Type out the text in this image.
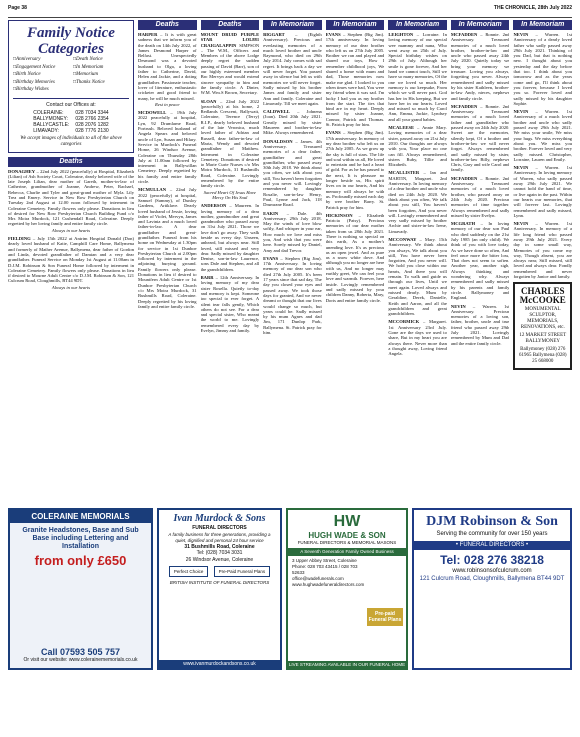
Page 38	THE CHRONICLE, 28th July 2022
Family Notice Categories
□ Anniversary	□ Death Notice
□ Engagement Notice	□ In Memoriam
□ Birth Notice	□ Memorium
□ Birthday Memories	□ Thanks Notice
□ Birthday Wishes
Contact our Offices at:
COLERAINE:	028 7034 3344
BALLYMONEY:	028 2766 2354
BALLYCASTLE:	028 2076 1282
LIMAVADY:	028 7776 2130
We accept images of individuals to all of the above categories
Deaths
DONAGHEY – 22nd July 2022 (peacefully) at Hospital, Elizabeth (Lilian) of Ash Society Court, Coleraine, dearly beloved wife of the late Joseph Lilian, dear mother of Gareth, mother-in-law of Catherine, grandmother of Joanne, Andrew, Peter, Rachael, Rebecca, Charlie and Tyler and great-grand mother of Myla. Lily Trea and Emery. Service in New Row Presbyterian Church on Tuesday 2nd August at 12.00 noon followed by interment in Coleraine Cemetery. Family flowers only please. Donations in lieu of desired for New Row Presbyterian Church Building Fund c/o Mrs Moira Murdock, 121 Cushendall Road, Coleraine. Deeply regretted by her loving family and entire family circle.
Always in our hearts
FIELDING – July 15th 2022 at Antrim Hospital Donald (Don) dearly loved husband of Katie, Camphill Care Home, Ballymena and formerly of Mather Avenue, Ballymena, dear father of Gordon and Linda, devoted grandfather of Damian and a very dear grandfather. Funeral Service on Monday 1st August at 11.00am in D.J.M. Robinson & Son Funeral Home followed by interment in Coleraine Cemetery. Family flowers only please. Donations in lieu if desired to Mourne Adult Centre c/o D.J.M. Robinson & Son, 121 Culcrum Road, Cloughmills, BT44 9DT.
Always in our hearts
Deaths
HARPER – It is with great sadness that we inform you of the death on 14th July 2022, of James Desmond Harper of Belfast. Unexpectedly Desmond was a devoted husband to Olga, a loving father to Catherine, David, Helen and Jackie, and a doting grandfather. Passionate teacher, lover of literature, enthusiastic cricketer and good friend to many, he will be much missed.
Rest in peace
MCDOWELL – 19th July 2022 peacefully at hospital, Lyn, 92 Drumlarne Road, Portrush. Beloved husband of Angela Spears and beloved uncle of Lyn, Susan and Hilary. Service in Murdock's Funeral Home, 26 Windsor Avenue, Coleraine on Thursday 28th July at 11.00am followed by interment in Ballywillan Cemetery. Deeply regretted by his family and entire family circle.
MCMULLAN – 22nd July 2022 (peacefully) at hospital, Samuel (Sammy), of Dunloy Gardens, Artiklave. Dearly loved husband of Jessie, loving father of Violet, Mervyn, James and Lavinia and a much loved father-in-law. A dear grandfather and great-grandfather. Funeral from his home on Wednesday at 1.30pm for service in 1st Dunboe Presbyterian Church at 2.00pm followed by interment in the adjoining burying ground. Family flowers only please. Donations in lieu if desired to Mountfern Adult Centre or 1st Dunboe Presbyterian Church c/o Mrs Moira Murdock, 31 Bushmills Road, Coleraine. Deeply regretted by his loving family and entire family circle.
Deaths
MOUNT DRUID PURPLE STAR LOL881 CRAIGALAPPIN SIMPSON – The W.M., Officers and Members of the above Lodge deeply regret the sudden passing of David (Barr), son of our highly esteemed member Bro Mervyn and would extend sincere sympathy to him and the family circle. A Dinter, W.M. Wm.S Brown, Secretary.
SLOAN – 22nd July 2022 (peacefully) at his home, 2 Redlands Crescent, Ballywatt, Coleraine, Terence (Terry) R.I.P., dearly beloved husband of the late Veronica, much loved father of Adrian and Russell, dear father-in-law of Maria, Wendy and devoted grandfather of Matthew. Interment in Coleraine Cemetery. Donations if desired to Marie Curie Nurses c/o Mrs Moira Murdock, 31 Bushmills Road, Coleraine. Lovingly remembered by the entire family circle.
Sacred Heart Of Jesus Have Mercy On His Soul
ANDERSON – Maureen. In loving memory of a dear mother, grandmother and great grandmother who passed away on 31st July 2021. Those we love don't go away. They walk beside us every day. Unseen, unheard, but always near. Still loved, still missed and very dear. Sadly missed by daughter Denise, son-in-law Laurence, sons Dale and Stephen, and all the grandchildren.
BARR – 12th Anniversary. In loving memory of my dear sister Rosella. Quietly to-day and memory is kept. Someone too special to ever forget. A silent tear falls gently, Which others do not see. For a dear and special sister, Who meant the world to me. Lovingly remembered every day by Evelyn, Jimmy and family.
In Memoriam
BIGGART – (Eighth Anniversary). Precious and everlasting memories of a much loved brother and uncle Raymond, who died on 29th July 2014. July comes with sad regret. It brings back a day we will never forget. You passed away in silence but left us with memories we will never forget. Sadly missed by his brother James and family and sister Ann and family. Coleraine and Limavady. Till we meet again.
CALDWELL – Johnena (Joan). Died 20th July 2021. Greatly missed by sister Maureen and brother-in-law Mike. Always remembered.
DONALDSON – James. 4th Anniversary. Treasured memories of a dear father, grandfather and great grandfather, who passed away 30th July 2018. We think about you often, we talk about you still, You haven't been forgotten and you never will. Lovingly remembered by daughter Rosalie, son-in-law Henry, Paul, Lynne and Jack, 118 Drumrane Road.
EAKIN – Dale. 4th Anniversary. 29th July 2018. May the winds of love blow softly, And whisper in your ear, How much we love and miss you, And wish that you were here. Sorely missed by Daniel, Amy and dad Trevor.
EVANS – Stephen (Big Jim). 17th Anniversary. In loving memory of our dear son who died 27th July 2005. It's been 17 years since that sad day, The day you closed your eyes and passed away. We took those days for granted, And we never dreamt or thought that our lives would change so much, but years could be. Sadly missed by his mum Agnes and dad Jim, 171 Dunlop Park, Ballymena. St. Patrick pray for him.
In Memoriam
EVANS – Stephen (Big Jim). 17th anniversary. In loving memory of our dear brother who left us on 27th July 2005. Brother we ran and played and shared our toys, How I remember childhood joys, We shared a home with mum and dad, Those memories now make me glad. I looked to you when times were bad, You were my friend when it was sad. I'm lucky I had you as my brother from the start. The ties that bind are in my heart. Deeply missed by sister Joanne, Connor, Patrick and Thomas. St. Patrick pray for him.
EVANS – Stephen (Big Jim). 17th anniversary. In memory of my dear brother who left us on 27th July 2005. As we grow up the sky is full of stars. The life and soul within us all, He loved to entertain and he had a heart of gold. For as he has passed to the next, It is pleasure no longer beside us, His spirit lives on in our hearts, And his memory will always be with us. Profoundly missed each day by wee brother Barry. St. Patrick pray for him.
HICKINSON – Elizabeth Patricia (Patsy). Precious memories of our dear mother taken from us 28th July 2021. There is nothing so special on this earth, As a mother's unending love. It's as precious as an open jewel. And as pure as a snow white dove. And although you no longer are here with us, And no longer may earthly greet, We can feel your love and warmth. Forever, here inside. Lovingly remembered and sadly missed by your children Danny, Roberta, Mary, Doris and entire family circle.
In Memoriam
LEIGHTON – Lorraine. In loving memory of our special wee mammy and nana, Who went away on 25th of July. Special birthday wishes on 29th of July. Although her smile is gone forever, And her hand we cannot touch, Still we have so many memories, Of the one we loved so much. Her memory is our keepsake, From which we will never part. God has her in His keeping, But we have her in our hearts. Loved and missed so much by Carol Ann, Emma, Jackie, Lyndsey and all your grand babies.
MCALEESE – Annie Mary. Loving memories of a dear sister, passed away on 21st July 2010. Our thoughts are always with you, Your place no one can fill. Always remembered, sisters Ruby, Tillie and Elizabeth.
MCALLISTER – Ian and MARTIN, Margaret. 2nd Anniversary. In loving memory of a dear brother and uncle who died on 24th July 2020. We think about you often, We talk about you still, You haven't been forgotten, And you never will. Lovingly remembered and very sadly missed by brother Archie and sister-in-law Irene, Limavady.
MCCONWAY – Mary. 15th Anniversary. We think about you always, We talk about you still, You have never been forgotten, And you never will. We hold you close within our hearts, And there you will remain. To walk and guide us through our lives, Until we meet again. Loved always and missed dearly. Mum by Geraldine, Derek, Danielle, Keith and Aaron, and all the grandchildren and great grandchildren.
MCCORMICK – Margaret. 1st Anniversary 23rd July. Gone are the days we used to share, But in my heart you are always there. Never more than a thought away, Loving friend Angela.
In Memoriam
MCFADDEN – Ronnie. 2nd Anniversary. Treasured memories of a much loved brother, brother-in-law and uncle who passed away 24th July 2020. Quietly today we bring your memory we treasure. Loving you always, forgetting you never. Always remembered and sadly missed by his sister Kathleen, brother-in-law Andy, nieces, nephews and family circle.
MCFADDEN – Ronnie. 2nd Anniversary. Treasured memories of a much loved father and grandfather who passed away on 24th July 2020. Sweet are the memories, silently kept, Of a brother and brother-in-law we will never forget. Always remembered and sadly missed by sister, brother-in-law Billy, nephews Chris, Gary and wife Carol and family.
MCFADDEN – Ronnie. 2nd Anniversary. Treasured memories of a much loved brother, who passed away on 24th July 2020. Precious memories of time together. Always remembered and sadly missed by sister Evelyn.
MCGRATH – In loving memory of our dear son Paul who died suddenly on the 21st July 1985 (an only child). We think of you with love today, As we have done so often, And feel once more the bitter loss, That does not seem to soften. Another year, another sigh, Always thinking and wondering why. Always remembered and sadly missed by his parents and family circle. Ballymoney and England.
NEVIN – Warren. 1st Anniversary. Precious memories of a loving son, father, brother, uncle and true friend who passed away 29th July 2021. Lovingly remembered by Mum and Dad and the entire family circle.
In Memoriam
NEVIN – Warren. 1st Anniversary of a dearly loved father who sadly passed away 29th July 2021. Thinking of you Dad, but that is nothing new. I thought about you yesterday and the day before that too. I think about you tomorrow and as the years come and go, I'll think about you forever, because I loved you so. Forever loved and sadly missed by his daughter Sophie.
NEVIN – Warren. 1st Anniversary of a much loved brother and uncle who sadly passed away 29th July 2021. We miss your smile, We miss your hugs. We miss everything about you. We miss you brother. Forever loved and very sadly missed. Christopher, Lorraine, Lauren and Emily.
NEVIN – Warren. 1st Anniversary. In loving memory of Warren, who sadly passed away 29th July 2021. We cannot hold the hand of time, or live again in the past. Within our hearts our memories, that will forever last. Lovingly remembered and sadly missed, Lynn.
NEVIN – Warren. 1st Anniversary. In memory of a life long friend who passed away 29th July 2021. Every day in some small way, Memories of you come my way, Though absent, you are always near, Still missed, still loved and always dear. Fondly remembered and never forgotten by Janice and family.
CHARLES McCOOKE
MONUMENTAL SCULPTOR, MEMORIALS, RENOVATIONS, etc.
12 MARKET STREET BALLYMONEY
Ballymoney (028) 276 61965 Ballymena (028) 25 668000
COLERAINE MEMORIALS
Granite Headstones, Base and Sub Base including Lettering and Installation
from only £650
Call 07593 505 757
Or visit our website: www.colerainememorials.co.uk
Ivan Murdock & Sons
FUNERAL DIRECTORS
A family business for three generations, providing a quiet, dignified and personal 24 hour service
31 Bushmills Road, Coleraine
Tel: (028) 7034 3031
26 Windsor Avenue, Coleraine
Perfect Choice	Pre-Paid Funeral Plans
BRITISH INSTITUTE OF FUNERAL DIRECTORS
www.ivanmurdockandsons.co.uk
HW
HUGH WADE & SON
FUNERAL DIRECTORS & MEMORIAL MASONS
A Seventh Generation Family Owned Business
3 Upper Abbey Street, Coleraine
Phone: 028 703 43415 / 028 703 52633
office@wadefunerals.com
www.hughwadefuneraldirectors.com
Pre-paid Funeral Plans
LIVE STREAMING AVAILABLE IN OUR FUNERAL HOME
DJM Robinson & Son
Serving the community for over 150 years
• FUNERAL DIRECTORS •
Tel: 028 276 38218
www.robinsonsofculcrum.com
121 Culcrum Road, Cloughmills, Ballymena BT44 9DT
